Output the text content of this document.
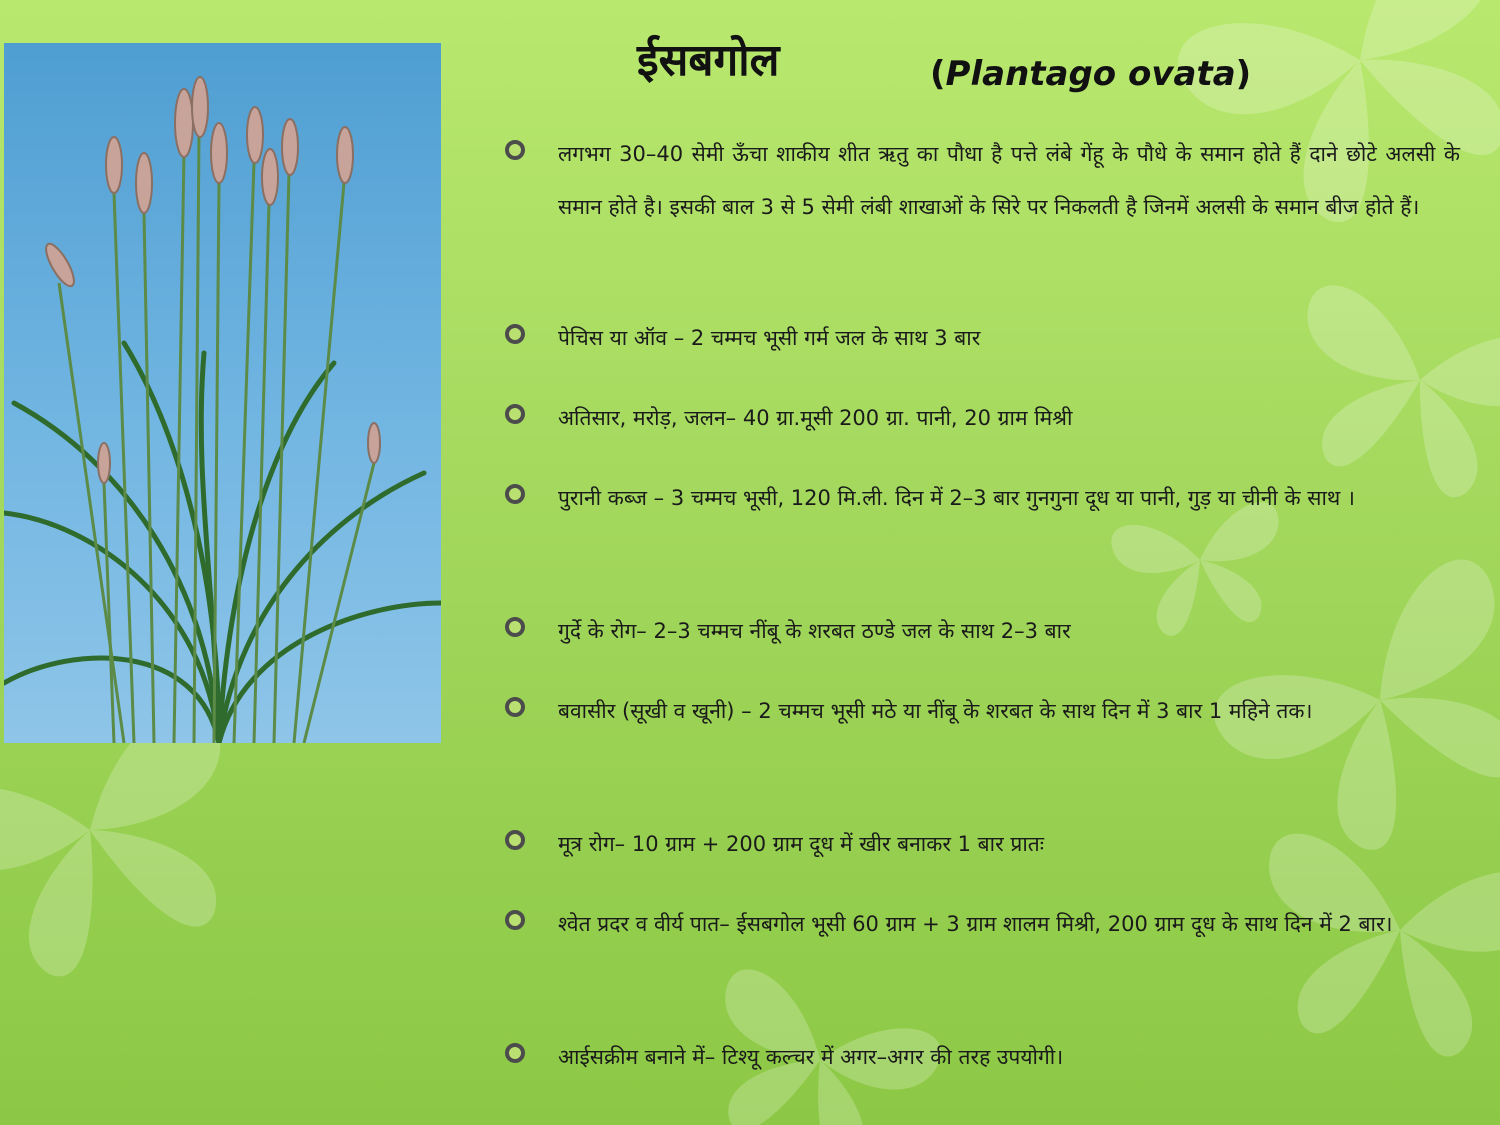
ईसबगोल	(Plantago ovata)
लगभग 30–40 सेमी ऊँचा शाकीय शीत ऋतु का पौधा है पत्ते लंबे गेंहू के पौधे के समान होते हैं दाने छोटे अलसी के समान होते है। इसकी बाल 3 से 5 सेमी लंबी शाखाओं के सिरे पर निकलती है जिनमें अलसी के समान बीज होते हैं।
पेचिस या ऑव – 2 चम्मच भूसी गर्म जल के साथ 3 बार
अतिसार, मरोड़, जलन– 40 ग्रा.मूसी 200 ग्रा. पानी, 20 ग्राम मिश्री
पुरानी कब्ज – 3 चम्मच भूसी, 120 मि.ली. दिन में 2–3 बार गुनगुना दूध या पानी, गुड़ या चीनी के साथ ।
गुर्दे के रोग– 2–3 चम्मच नींबू के शरबत ठण्डे जल के साथ 2–3 बार
बवासीर (सूखी व खूनी) – 2 चम्मच भूसी मठे या नींबू के शरबत के साथ दिन में 3 बार 1 महिने तक।
मूत्र रोग– 10 ग्राम + 200 ग्राम दूध में खीर बनाकर 1 बार प्रातः
श्वेत प्रदर व वीर्य पात– ईसबगोल भूसी 60 ग्राम + 3 ग्राम शालम मिश्री, 200 ग्राम दूध के साथ दिन में 2 बार।
आईसक्रीम बनाने में– टिश्यू कल्चर में अगर–अगर की तरह उपयोगी।
